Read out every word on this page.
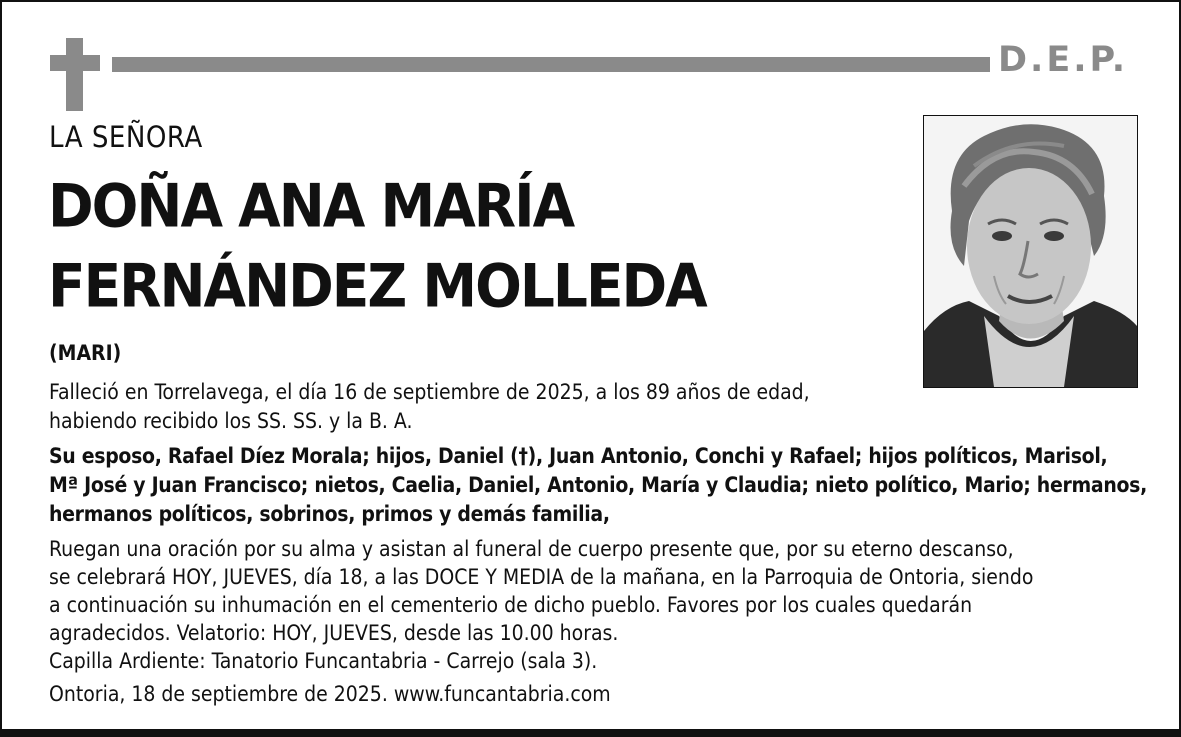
D.E.P.
LA SEÑORA
DOÑA ANA MARÍA
FERNÁNDEZ MOLLEDA
(MARI)
Falleció en Torrelavega, el día 16 de septiembre de 2025, a los 89 años de edad,
habiendo recibido los SS. SS. y la B. A.
Su esposo, Rafael Díez Morala; hijos, Daniel (†), Juan Antonio, Conchi y Rafael; hijos políticos, Marisol,
Mª José y Juan Francisco; nietos, Caelia, Daniel, Antonio, María y Claudia; nieto político, Mario; hermanos,
hermanos políticos, sobrinos, primos y demás familia,
Ruegan una oración por su alma y asistan al funeral de cuerpo presente que, por su eterno descanso,
se celebrará HOY, JUEVES, día 18, a las DOCE Y MEDIA de la mañana, en la Parroquia de Ontoria, siendo
a continuación su inhumación en el cementerio de dicho pueblo. Favores por los cuales quedarán
agradecidos. Velatorio: HOY, JUEVES, desde las 10.00 horas.
Capilla Ardiente: Tanatorio Funcantabria - Carrejo (sala 3).
Ontoria, 18 de septiembre de 2025. www.funcantabria.com
